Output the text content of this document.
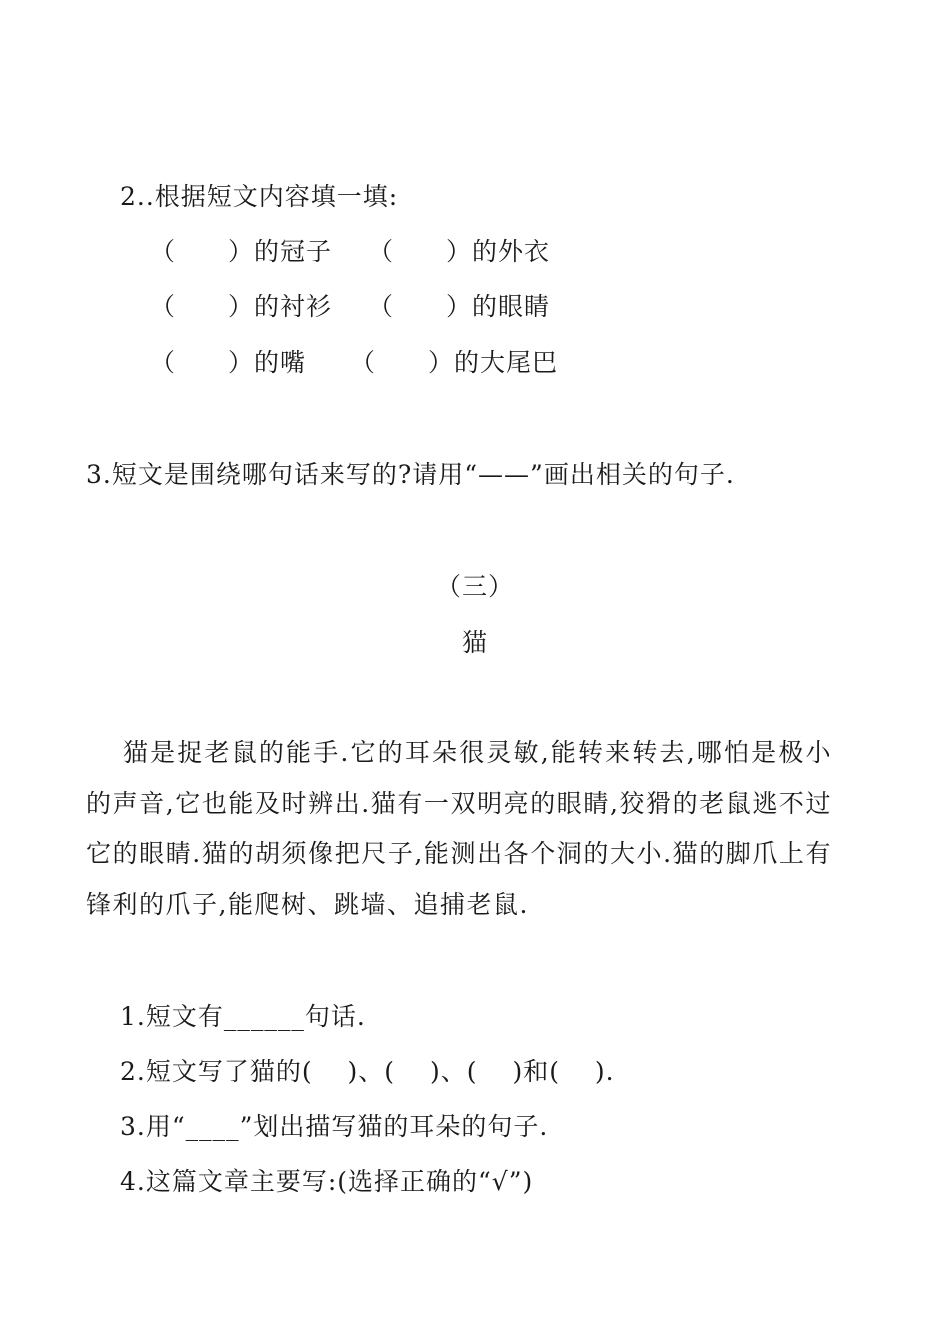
2..根据短文内容填一填:

（　　）的冠子 （　　）的外衣

（　　）的衬衫 （　　）的眼睛

（　　）的嘴 （　　）的大尾巴

3.短文是围绕哪句话来写的?请用“——”画出相关的句子.

（三）

猫

猫是捉老鼠的能手.它的耳朵很灵敏,能转来转去,哪怕是极小的声音,它也能及时辨出.猫有一双明亮的眼睛,狡猾的老鼠逃不过它的眼睛.猫的胡须像把尺子,能测出各个洞的大小.猫的脚爪上有锋利的爪子,能爬树、跳墙、追捕老鼠.

1.短文有______句话.

2.短文写了猫的(　 )、(　 )、(　 )和(　 ).

3.用“____”划出描写猫的耳朵的句子.

4.这篇文章主要写:(选择正确的“√”)
